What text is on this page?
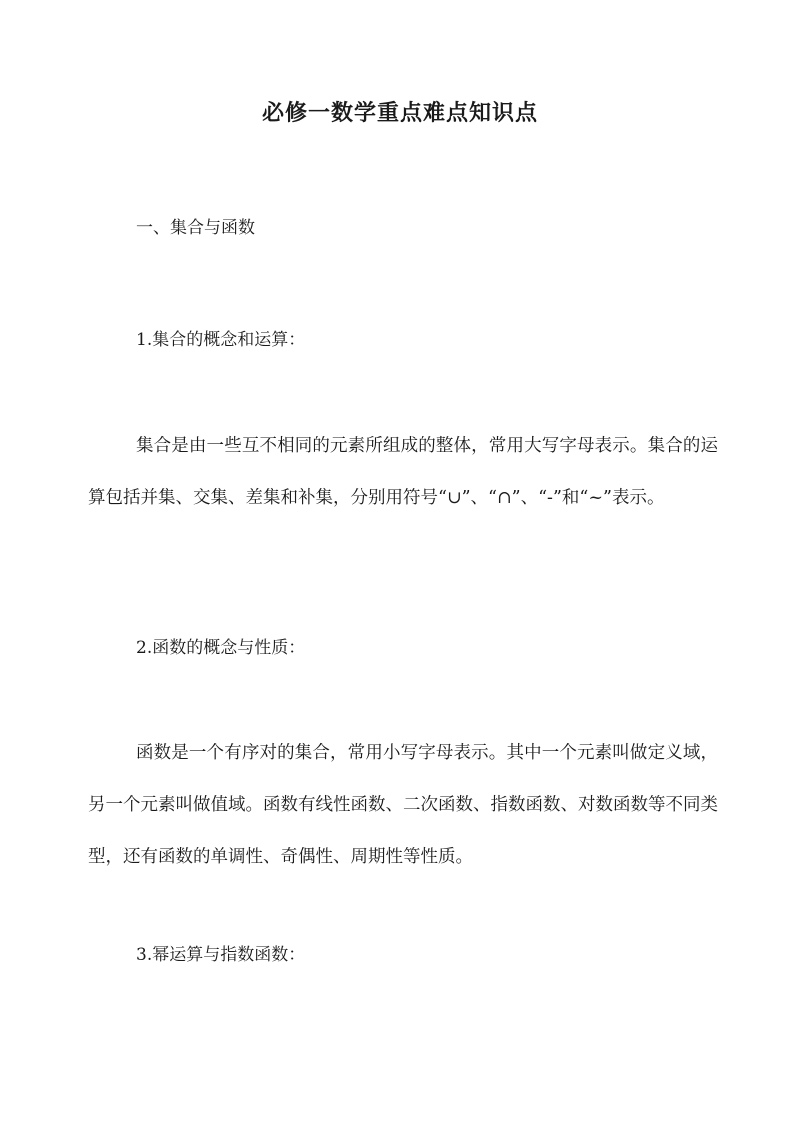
必修一数学重点难点知识点

一、集合与函数

1.集合的概念和运算：

集合是由一些互不相同的元素所组成的整体，常用大写字母表示。集合的运算包括并集、交集、差集和补集，分别用符号“∪”、“∩”、“-”和“~”表示。

2.函数的概念与性质：

函数是一个有序对的集合，常用小写字母表示。其中一个元素叫做定义域，另一个元素叫做值域。函数有线性函数、二次函数、指数函数、对数函数等不同类型，还有函数的单调性、奇偶性、周期性等性质。

3.幂运算与指数函数：
